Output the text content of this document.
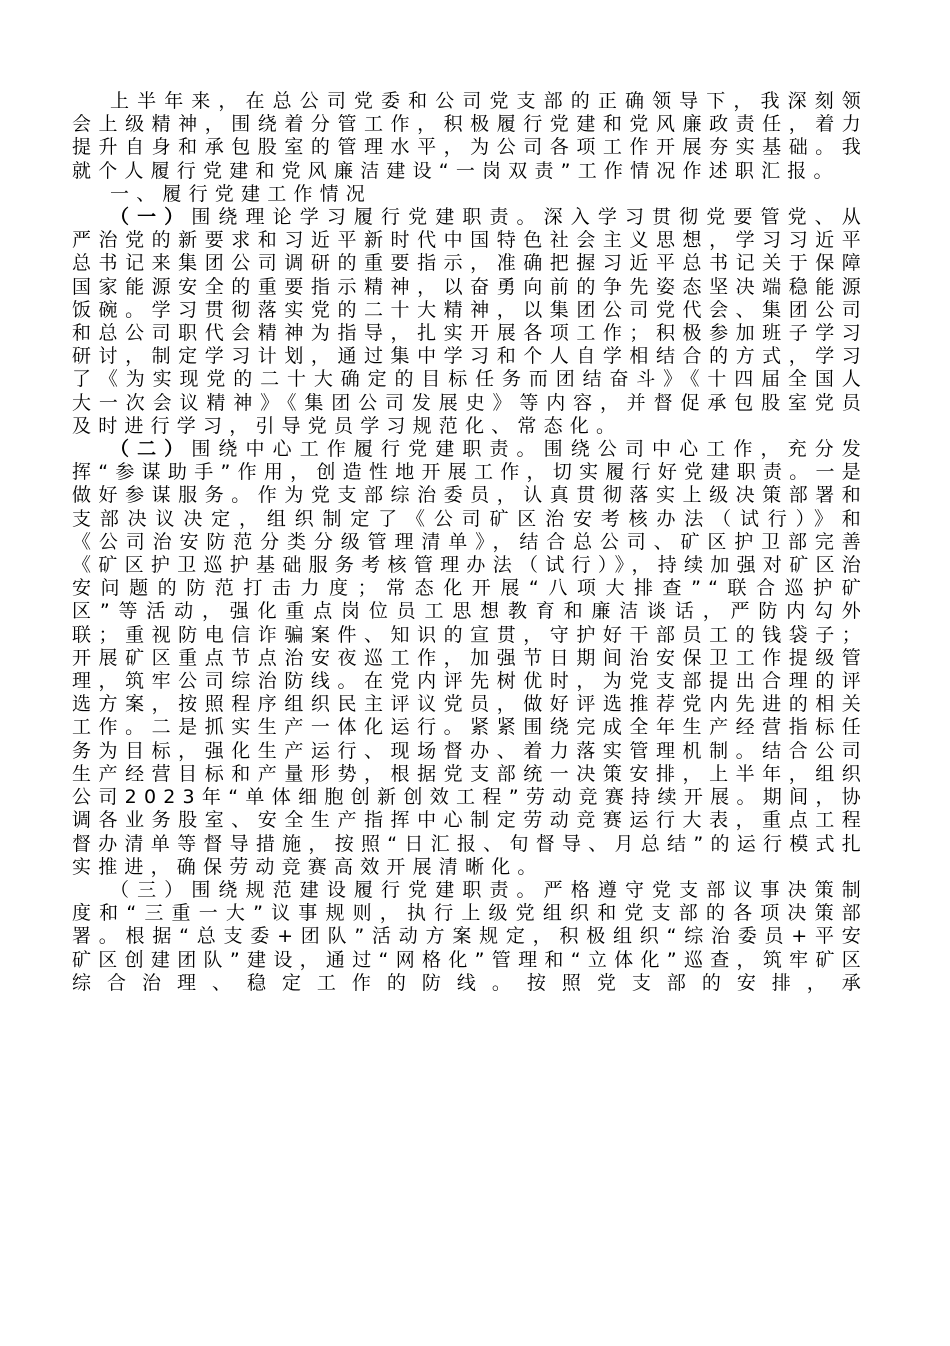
上半年来，在总公司党委和公司党支部的正确领导下，我深刻领会上级精神，围绕着分管工作，积极履行党建和党风廉政责任，着力提升自身和承包股室的管理水平，为公司各项工作开展夯实基础。我就个人履行党建和党风廉洁建设“一岗双责”工作情况作述职汇报。

一、履行党建工作情况

（一）围绕理论学习履行党建职责。深入学习贯彻党要管党、从严治党的新要求和习近平新时代中国特色社会主义思想，学习习近平总书记来集团公司调研的重要指示，准确把握习近平总书记关于保障国家能源安全的重要指示精神，以奋勇向前的争先姿态坚决端稳能源饭碗。学习贯彻落实党的二十大精神，以集团公司党代会、集团公司和总公司职代会精神为指导，扎实开展各项工作；积极参加班子学习研讨，制定学习计划，通过集中学习和个人自学相结合的方式，学习了《为实现党的二十大确定的目标任务而团结奋斗》《十四届全国人大一次会议精神》《集团公司发展史》等内容，并督促承包股室党员及时进行学习，引导党员学习规范化、常态化。

（二）围绕中心工作履行党建职责。围绕公司中心工作，充分发挥“参谋助手”作用，创造性地开展工作，切实履行好党建职责。一是做好参谋服务。作为党支部综治委员，认真贯彻落实上级决策部署和支部决议决定，组织制定了《公司矿区治安考核办法（试行）》和《公司治安防范分类分级管理清单》，结合总公司、矿区护卫部完善《矿区护卫巡护基础服务考核管理办法（试行）》，持续加强对矿区治安问题的防范打击力度；常态化开展“八项大排查”“联合巡护矿区”等活动，强化重点岗位员工思想教育和廉洁谈话，严防内勾外联；重视防电信诈骗案件、知识的宣贯，守护好干部员工的钱袋子；开展矿区重点节点治安夜巡工作，加强节日期间治安保卫工作提级管理，筑牢公司综治防线。在党内评先树优时，为党支部提出合理的评选方案，按照程序组织民主评议党员，做好评选推荐党内先进的相关工作。二是抓实生产一体化运行。紧紧围绕完成全年生产经营指标任务为目标，强化生产运行、现场督办、着力落实管理机制。结合公司生产经营目标和产量形势，根据党支部统一决策安排，上半年，组织公司2023年“单体细胞创新创效工程”劳动竞赛持续开展。期间，协调各业务股室、安全生产指挥中心制定劳动竞赛运行大表，重点工程督办清单等督导措施，按照“日汇报、旬督导、月总结”的运行模式扎实推进，确保劳动竞赛高效开展清晰化。

（三）围绕规范建设履行党建职责。严格遵守党支部议事决策制度和“三重一大”议事规则，执行上级党组织和党支部的各项决策部署。根据“总支委+团队”活动方案规定，积极组织“综治委员+平安矿区创建团队”建设，通过“网格化”管理和“立体化”巡查，筑牢矿区综合治理、稳定工作的防线。按照党支部的安排，承
